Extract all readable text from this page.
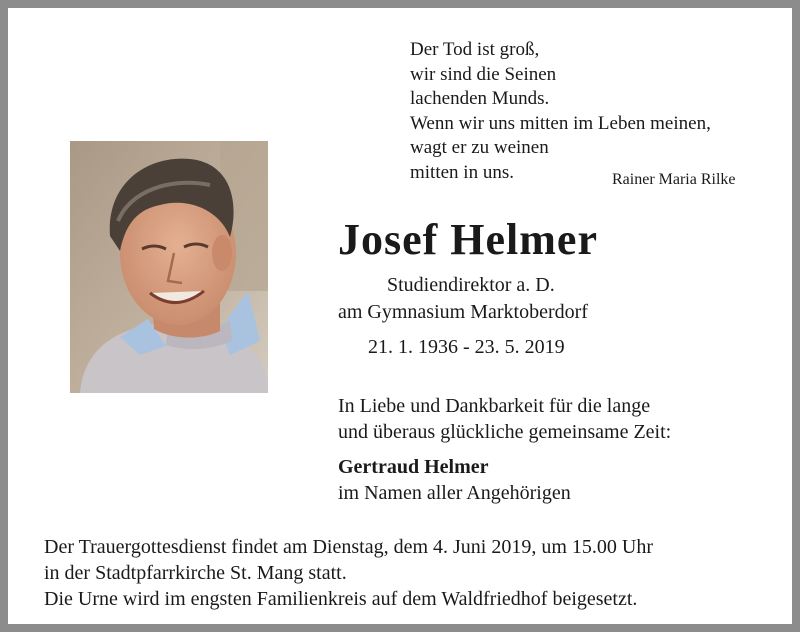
Der Tod ist groß,
wir sind die Seinen
lachenden Munds.
Wenn wir uns mitten im Leben meinen,
wagt er zu weinen
mitten in uns.	Rainer Maria Rilke
Josef Helmer
Studiendirektor a. D.
am Gymnasium Marktoberdorf
21. 1. 1936 - 23. 5. 2019
In Liebe und Dankbarkeit für die lange
und überaus glückliche gemeinsame Zeit:
Gertraud Helmer
im Namen aller Angehörigen
Der Trauergottesdienst findet am Dienstag, dem 4. Juni 2019, um 15.00 Uhr
in der Stadtpfarrkirche St. Mang statt.
Die Urne wird im engsten Familienkreis auf dem Waldfriedhof beigesetzt.
